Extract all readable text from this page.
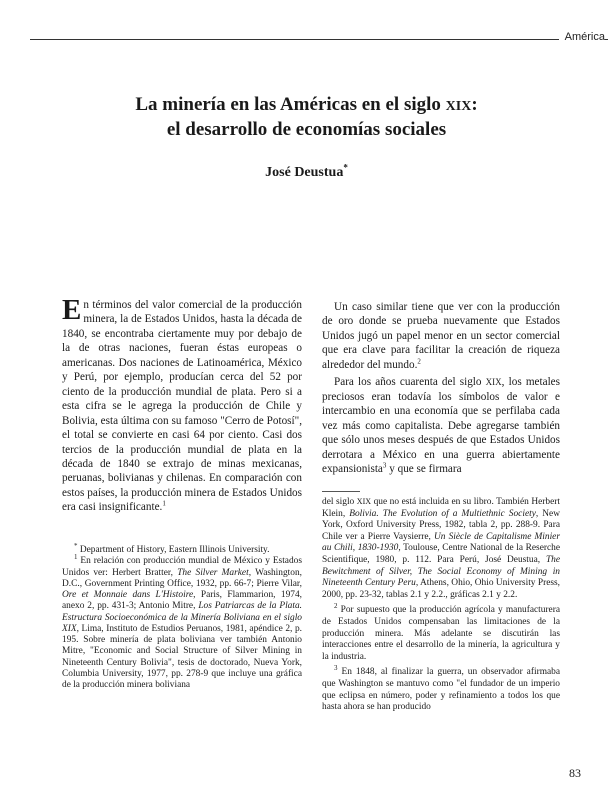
América
La minería en las Américas en el siglo XIX:
el desarrollo de economías sociales
José Deustua*

En términos del valor comercial de la producción minera, la de Estados Unidos, hasta la década de 1840, se encontraba ciertamente muy por debajo de la de otras naciones, fueran éstas europeas o americanas. Dos naciones de Latinoamérica, México y Perú, por ejemplo, producían cerca del 52 por ciento de la producción mundial de plata. Pero si a esta cifra se le agrega la producción de Chile y Bolivia, esta última con su famoso "Cerro de Potosí", el total se convierte en casi 64 por ciento. Casi dos tercios de la producción mundial de plata en la década de 1840 se extrajo de minas mexicanas, peruanas, bolivianas y chilenas. En comparación con estos países, la producción minera de Estados Unidos era casi insignificante.$^1$

Un caso similar tiene que ver con la producción de oro donde se prueba nuevamente que Estados Unidos jugó un papel menor en un sector comercial que era clave para facilitar la creación de riqueza alrededor del mundo.$^2$

Para los años cuarenta del siglo XIX, los metales preciosos eran todavía los símbolos de valor e intercambio en una economía que se perfilaba cada vez más como capitalista. Debe agregarse también que sólo unos meses después de que Estados Unidos derrotara a México en una guerra abiertamente expansionista$^3$ y que se firmara

* Department of History, Eastern Illinois University.

$^1$ En relación con producción mundial de México y Estados Unidos ver: Herbert Bratter, The Silver Market, Washington, D.C., Government Printing Office, 1932, pp. 66-7; Pierre Vilar, Ore et Monnaie dans L'Histoire, Paris, Flammarion, 1974, anexo 2, pp. 431-3; Antonio Mitre, Los Patriarcas de la Plata. Estructura Socioeconómica de la Minería Boliviana en el siglo XIX, Lima, Instituto de Estudios Peruanos, 1981, apéndice 2, p. 195. Sobre minería de plata boliviana ver también Antonio Mitre, "Economic and Social Structure of Silver Mining in Nineteenth Century Bolivia", tesis de doctorado, Nueva York, Columbia University, 1977, pp. 278-9 que incluye una gráfica de la producción minera boliviana

del siglo XIX que no está incluida en su libro. También Herbert Klein, Bolivia. The Evolution of a Multiethnic Society, New York, Oxford University Press, 1982, tabla 2, pp. 288-9. Para Chile ver a Pierre Vaysierre, Un Siècle de Capitalisme Minier au Chili, 1830-1930, Toulouse, Centre National de la Reserche Scientifique, 1980, p. 112. Para Perú, José Deustua, The Bewitchment of Silver, The Social Economy of Mining in Nineteenth Century Peru, Athens, Ohio, Ohio University Press, 2000, pp. 23-32, tablas 2.1 y 2.2., gráficas 2.1 y 2.2.

$^2$ Por supuesto que la producción agrícola y manufacturera de Estados Unidos compensaban las limitaciones de la producción minera. Más adelante se discutirán las interacciones entre el desarrollo de la minería, la agricultura y la industria.

$^3$ En 1848, al finalizar la guerra, un observador afirmaba que Washington se mantuvo como "el fundador de un imperio que eclipsa en número, poder y refinamiento a todos los que hasta ahora se han producido

83
